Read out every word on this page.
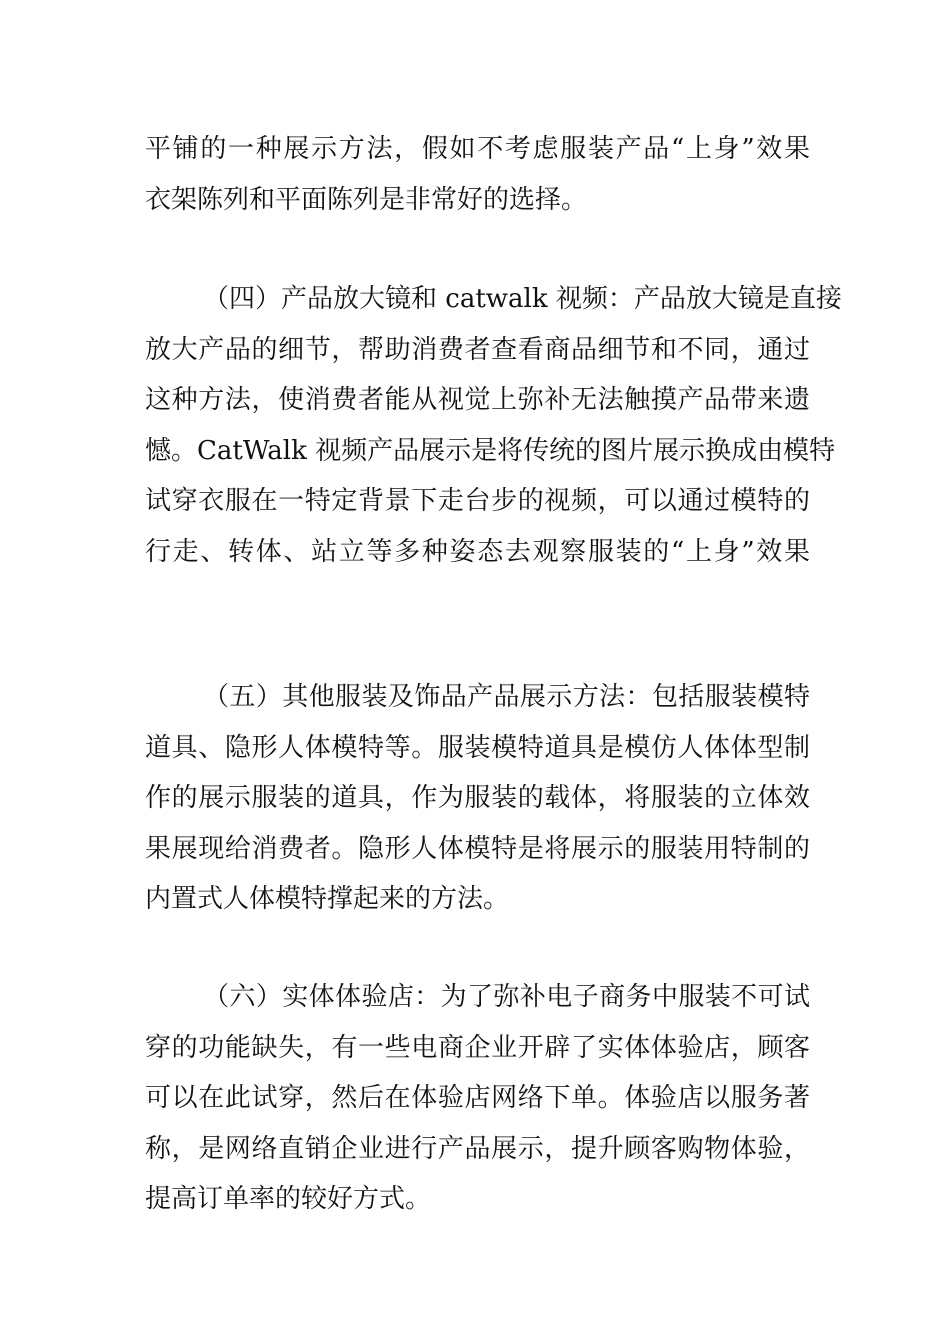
平铺的一种展示方法，假如不考虑服装产品“上身”效果
衣架陈列和平面陈列是非常好的选择。
（四）产品放大镜和 catwalk 视频：产品放大镜是直接
放大产品的细节，帮助消费者查看商品细节和不同，通过
这种方法，使消费者能从视觉上弥补无法触摸产品带来遗
憾。CatWalk 视频产品展示是将传统的图片展示换成由模特
试穿衣服在一特定背景下走台步的视频，可以通过模特的
行走、转体、站立等多种姿态去观察服装的“上身”效果
（五）其他服装及饰品产品展示方法：包括服装模特
道具、隐形人体模特等。服装模特道具是模仿人体体型制
作的展示服装的道具，作为服装的载体，将服装的立体效
果展现给消费者。隐形人体模特是将展示的服装用特制的
内置式人体模特撑起来的方法。
（六）实体体验店：为了弥补电子商务中服装不可试
穿的功能缺失，有一些电商企业开辟了实体体验店，顾客
可以在此试穿，然后在体验店网络下单。体验店以服务著
称，是网络直销企业进行产品展示，提升顾客购物体验，
提高订单率的较好方式。
